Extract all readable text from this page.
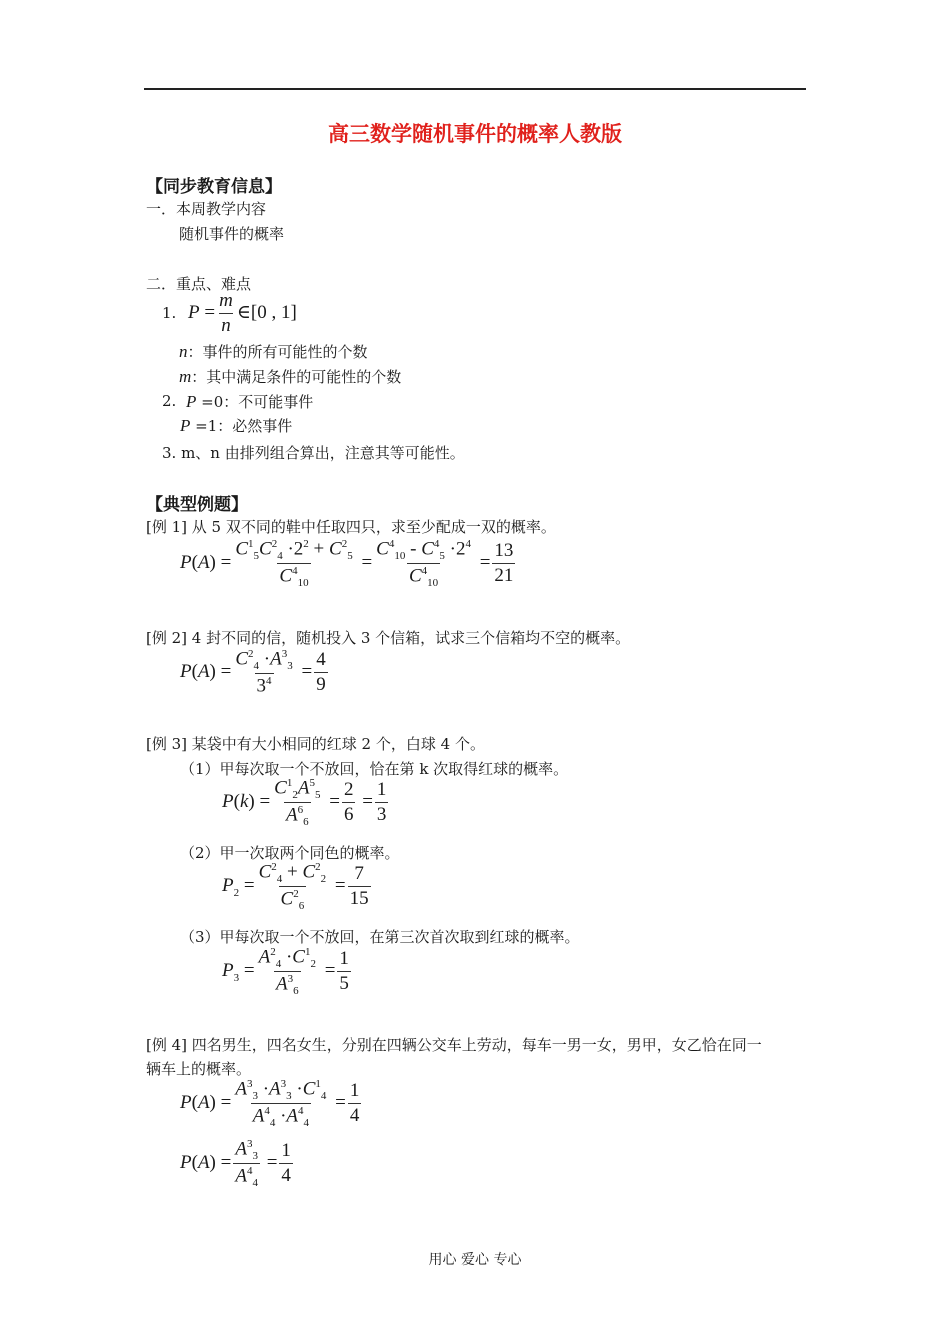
高三数学随机事件的概率人教版
【同步教育信息】
一．本周教学内容
随机事件的概率
二．重点、难点
1. $P = \frac{m}{n}$ ∈[0 , 1]
n：事件的所有可能性的个数
m：其中满足条件的可能性的个数
2. P =0：不可能事件
P =1：必然事件
3. m、n 由排列组合算出，注意其等可能性。
【典型例题】
[例 1] 从 5 双不同的鞋中任取四只，求至少配成一双的概率。
$P(A) = \frac{C^1_5C^2_4 \cdot 2^2 + C^2_5}{C^4_{10}} = \frac{C^4_{10} - C^4_5 \cdot 2^4}{C^4_{10}} = \frac{13}{21}$
[例 2] 4 封不同的信，随机投入 3 个信箱，试求三个信箱均不空的概率。
$P(A) = \frac{C^2_4 \cdot A^3_3}{3^4} = \frac{4}{9}$
[例 3] 某袋中有大小相同的红球 2 个，白球 4 个。
（1）甲每次取一个不放回，恰在第 k 次取得红球的概率。
$P(k) = \frac{C^1_2A^5_5}{A^6_6} = \frac{2}{6} = \frac{1}{3}$
（2）甲一次取两个同色的概率。
$P_2 = \frac{C^2_4 + C^2_2}{C^2_6} = \frac{7}{15}$
（3）甲每次取一个不放回，在第三次首次取到红球的概率。
$P_3 = \frac{A^2_4 \cdot C^1_2}{A^3_6} = \frac{1}{5}$
[例 4] 四名男生，四名女生，分别在四辆公交车上劳动，每车一男一女，男甲，女乙恰在同一
辆车上的概率。
$P(A) = \frac{A^3_3 \cdot A^3_3 \cdot C^1_4}{A^4_4 \cdot A^4_4} = \frac{1}{4}$
$P(A) = \frac{A^3_3}{A^4_4} = \frac{1}{4}$
用心 爱心 专心
